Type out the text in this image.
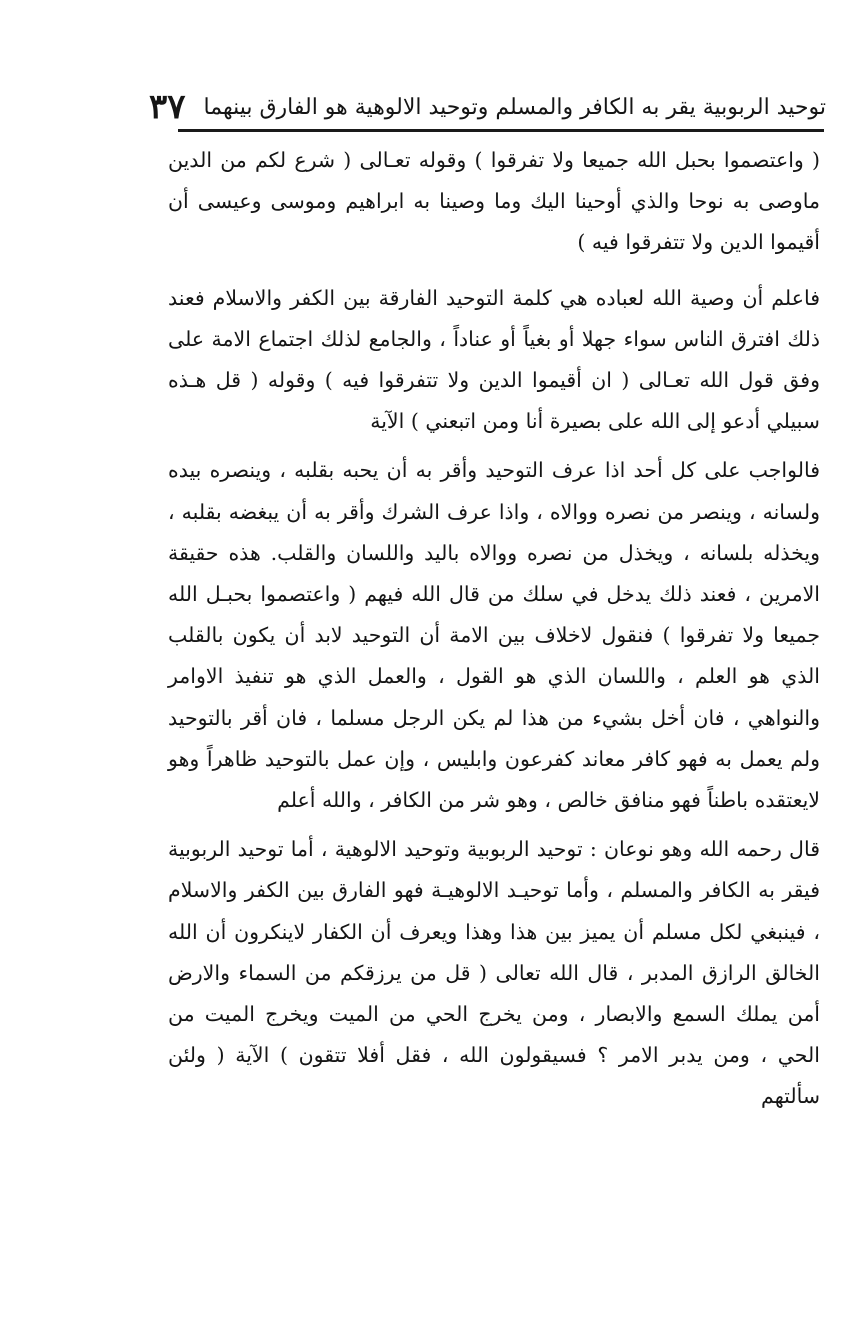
توحيد الربوبية يقر به الكافر والمسلم وتوحيد الالوهية هو الفارق بينهما
٣٧

( واعتصموا بحبل الله جميعا ولا تفرقوا ) وقوله تعـالى ( شرع لكم من الدين ماوصى به نوحا والذي أوحينا اليك وما وصينا به ابراهيم وموسى وعيسى أن أقيموا الدين ولا تتفرقوا فيه )

فاعلم أن وصية الله لعباده هي كلمة التوحيد الفارقة بين الكفر والاسلام فعند ذلك افترق الناس سواء جهلا أو بغياً أو عناداً ، والجامع لذلك اجتماع الامة على وفق قول الله تعـالى ( ان أقيموا الدين ولا تتفرقوا فيه ) وقوله ( قل هـذه سبيلي أدعو إلى الله على بصيرة أنا ومن اتبعني ) الآية

فالواجب على كل أحد اذا عرف التوحيد وأقر به أن يحبه بقلبه ، وينصره بيده ولسانه ، وينصر من نصره ووالاه ، واذا عرف الشرك وأقر به أن يبغضه بقلبه ، ويخذله بلسانه ، ويخذل من نصره ووالاه باليد واللسان والقلب. هذه حقيقة الامرين ، فعند ذلك يدخل في سلك من قال الله فيهم ( واعتصموا بحبـل الله جميعا ولا تفرقوا ) فنقول لاخلاف بين الامة أن التوحيد لابد أن يكون بالقلب الذي هو العلم ، واللسان الذي هو القول ، والعمل الذي هو تنفيذ الاوامر والنواهي ، فان أخل بشيء من هذا لم يكن الرجل مسلما ، فان أقر بالتوحيد ولم يعمل به فهو كافر معاند كفرعون وابليس ، وإن عمل بالتوحيد ظاهراً وهو لايعتقده باطناً فهو منافق خالص ، وهو شر من الكافر ، والله أعلم

قال رحمه الله وهو نوعان : توحيد الربوبية وتوحيد الالوهية ، أما توحيد الربوبية فيقر به الكافر والمسلم ، وأما توحيـد الالوهيـة فهو الفارق بين الكفر والاسلام ، فينبغي لكل مسلم أن يميز بين هذا وهذا ويعرف أن الكفار لاينكرون أن الله الخالق الرازق المدبر ، قال الله تعالى ( قل من يرزقكم من السماء والارض أمن يملك السمع والابصار ، ومن يخرج الحي من الميت ويخرج الميت من الحي ، ومن يدبر الامر ؟ فسيقولون الله ، فقل أفلا تتقون ) الآية ( ولئن سألتهم
